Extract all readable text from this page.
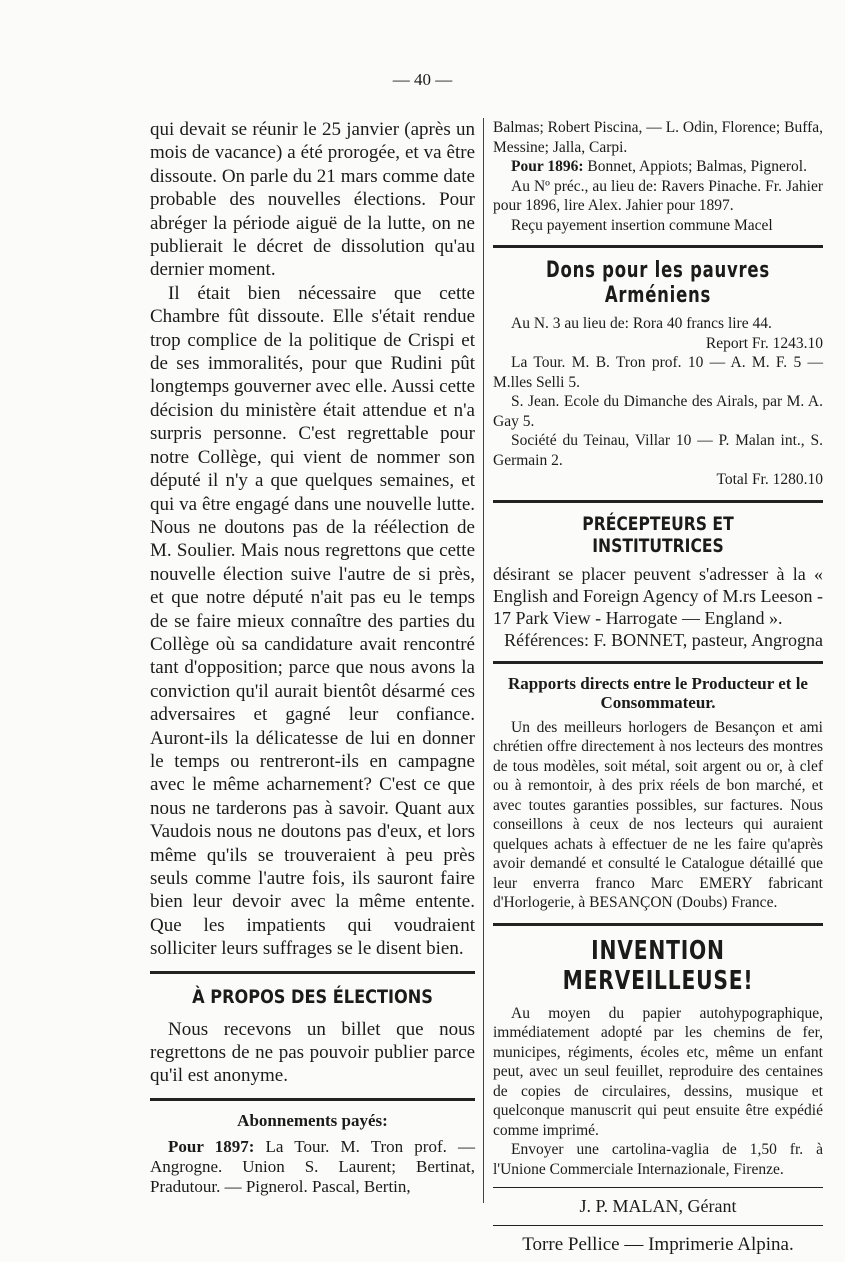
— 40 —

qui devait se réunir le 25 janvier (après un mois de vacance) a été prorogée, et va être dissoute. On parle du 21 mars comme date probable des nouvelles élections. Pour abréger la période aiguë de la lutte, on ne publierait le décret de dissolution qu'au dernier moment.

Il était bien nécessaire que cette Chambre fût dissoute. Elle s'était rendue trop complice de la politique de Crispi et de ses immoralités, pour que Rudini pût longtemps gouverner avec elle. Aussi cette décision du ministère était attendue et n'a surpris personne. C'est regrettable pour notre Collège, qui vient de nommer son député il n'y a que quelques semaines, et qui va être engagé dans une nouvelle lutte. Nous ne doutons pas de la réélection de M. Soulier. Mais nous regrettons que cette nouvelle élection suive l'autre de si près, et que notre député n'ait pas eu le temps de se faire mieux connaître des parties du Collège où sa candidature avait rencontré tant d'opposition; parce que nous avons la conviction qu'il aurait bientôt désarmé ces adversaires et gagné leur confiance. Auront-ils la délicatesse de lui en donner le temps ou rentreront-ils en campagne avec le même acharnement? C'est ce que nous ne tarderons pas à savoir. Quant aux Vaudois nous ne doutons pas d'eux, et lors même qu'ils se trouveraient à peu près seuls comme l'autre fois, ils sauront faire bien leur devoir avec la même entente. Que les impatients qui voudraient solliciter leurs suffrages se le disent bien.

À PROPOS DES ÉLECTIONS

Nous recevons un billet que nous regrettons de ne pas pouvoir publier parce qu'il est anonyme.

Abonnements payés:

Pour 1897: La Tour. M. Tron prof. — Angrogne. Union S. Laurent; Bertinat, Pradutour. — Pignerol. Pascal, Bertin,

Balmas; Robert Piscina, — L. Odin, Florence; Buffa, Messine; Jalla, Carpi.

Pour 1896: Bonnet, Appiots; Balmas, Pignerol.

Au Nº préc., au lieu de: Ravers Pinache. Fr. Jahier pour 1896, lire Alex. Jahier pour 1897.

Reçu payement insertion commune Macel

Dons pour les pauvres Arméniens

Au N. 3 au lieu de: Rora 40 francs lire 44.

Report Fr. 1243.10

La Tour. M. B. Tron prof. 10 — A. M. F. 5 — M.lles Selli 5.

S. Jean. Ecole du Dimanche des Airals, par M. A. Gay 5.

Société du Teinau, Villar 10 — P. Malan int., S. Germain 2.

Total Fr. 1280.10

PRÉCEPTEURS ET INSTITUTRICES

désirant se placer peuvent s'adresser à la « English and Foreign Agency of M.rs Leeson - 17 Park View - Harrogate — England ».

Références: F. BONNET, pasteur, Angrogna

Rapports directs entre le Producteur et le Consommateur.

Un des meilleurs horlogers de Besançon et ami chrétien offre directement à nos lecteurs des montres de tous modèles, soit métal, soit argent ou or, à clef ou à remontoir, à des prix réels de bon marché, et avec toutes garanties possibles, sur factures. Nous conseillons à ceux de nos lecteurs qui auraient quelques achats à effectuer de ne les faire qu'après avoir demandé et consulté le Catalogue détaillé que leur enverra franco Marc EMERY fabricant d'Horlogerie, à BESANÇON (Doubs) France.

INVENTION MERVEILLEUSE!

Au moyen du papier autohypographique, immédiatement adopté par les chemins de fer, municipes, régiments, écoles etc, même un enfant peut, avec un seul feuillet, reproduire des centaines de copies de circulaires, dessins, musique et quelconque manuscrit qui peut ensuite être expédié comme imprimé.

Envoyer une cartolina-vaglia de 1,50 fr. à l'Unione Commerciale Internazionale, Firenze.

J. P. MALAN, Gérant
Torre Pellice — Imprimerie Alpina.
